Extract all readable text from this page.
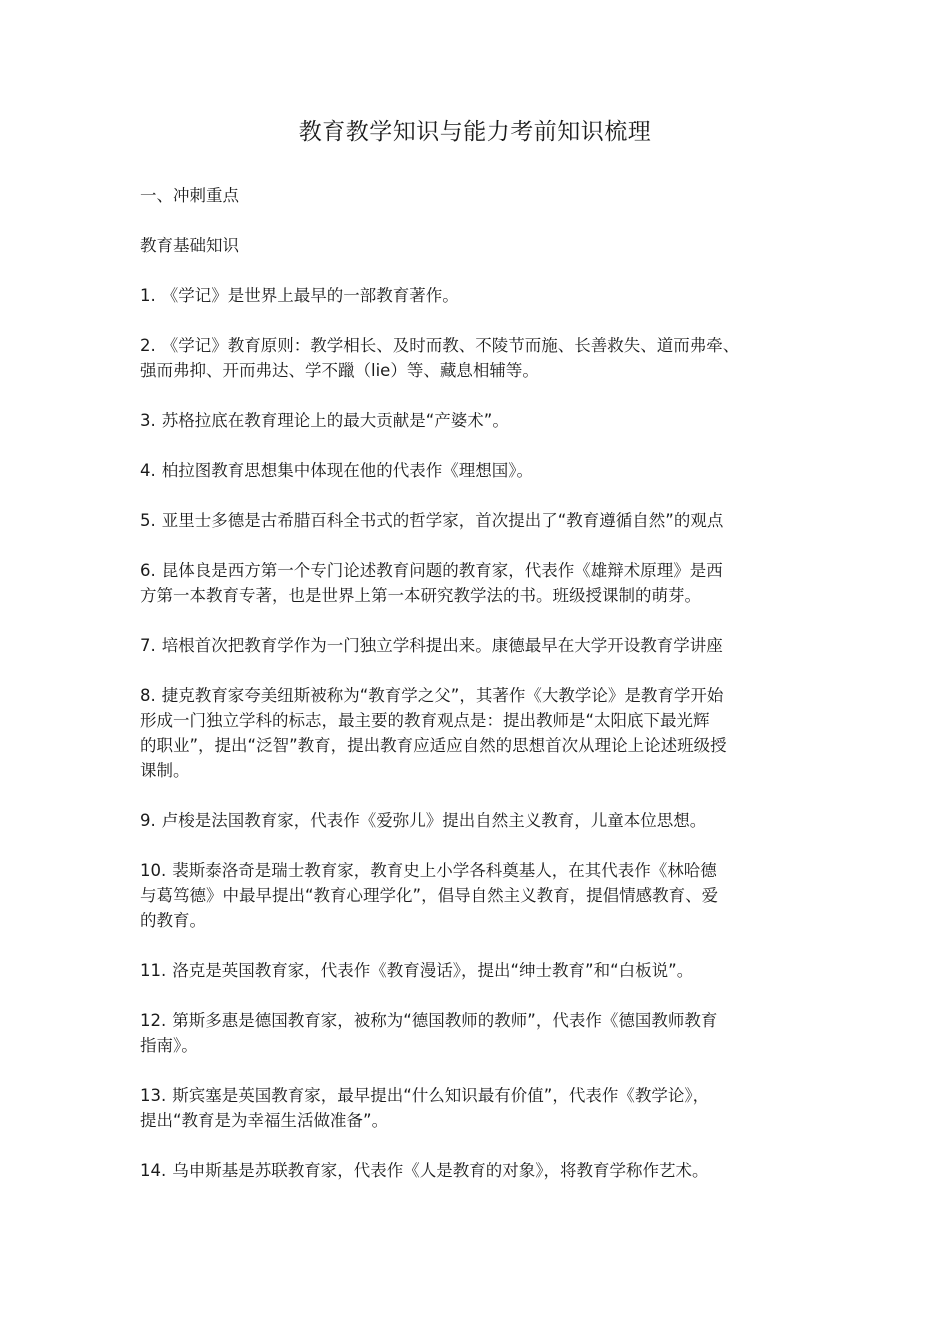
教育教学知识与能力考前知识梳理

一、冲刺重点

教育基础知识

1. 《学记》是世界上最早的一部教育著作。

2. 《学记》教育原则：教学相长、及时而教、不陵节而施、长善救失、道而弗牵、
强而弗抑、开而弗达、学不躐（lie）等、藏息相辅等。

3. 苏格拉底在教育理论上的最大贡献是“产婆术”。

4. 柏拉图教育思想集中体现在他的代表作《理想国》。

5. 亚里士多德是古希腊百科全书式的哲学家，首次提出了“教育遵循自然”的观点

6. 昆体良是西方第一个专门论述教育问题的教育家，代表作《雄辩术原理》是西
方第一本教育专著，也是世界上第一本研究教学法的书。班级授课制的萌芽。

7. 培根首次把教育学作为一门独立学科提出来。康德最早在大学开设教育学讲座

8. 捷克教育家夸美纽斯被称为“教育学之父”，其著作《大教学论》是教育学开始
形成一门独立学科的标志，最主要的教育观点是：提出教师是“太阳底下最光辉
的职业”，提出“泛智”教育，提出教育应适应自然的思想首次从理论上论述班级授
课制。

9. 卢梭是法国教育家，代表作《爱弥儿》提出自然主义教育，儿童本位思想。

10. 裴斯泰洛奇是瑞士教育家，教育史上小学各科奠基人，在其代表作《林哈德
与葛笃德》中最早提出“教育心理学化”，倡导自然主义教育，提倡情感教育、爱
的教育。

11. 洛克是英国教育家，代表作《教育漫话》，提出“绅士教育”和“白板说”。

12. 第斯多惠是德国教育家，被称为“德国教师的教师”，代表作《德国教师教育
指南》。

13. 斯宾塞是英国教育家，最早提出“什么知识最有价值”，代表作《教学论》，
提出“教育是为幸福生活做准备”。

14. 乌申斯基是苏联教育家，代表作《人是教育的对象》，将教育学称作艺术。
